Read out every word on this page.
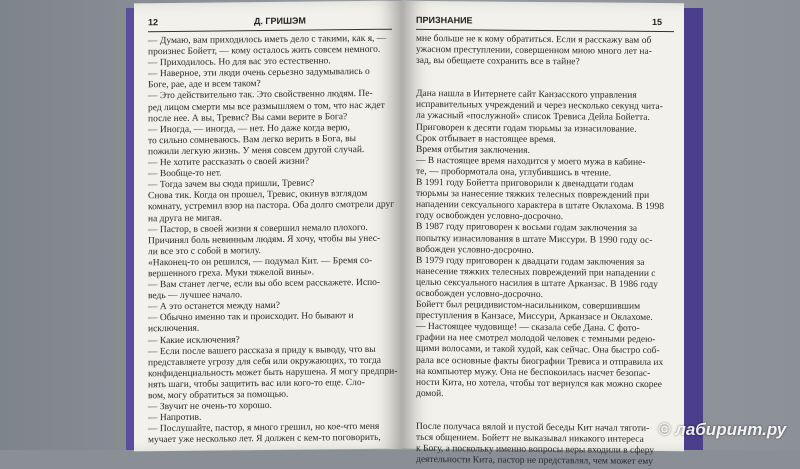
12	Д. ГРИШЭМ
— Думаю, вам приходилось иметь дело с такими, как я, —
произнес Бойетт, — кому осталось жить совсем немного.
— Приходилось. Но для вас это естественно.
— Наверное, эти люди очень серьезно задумывались о
Боге, рае, аде и всем таком?
— Это действительно так. Это свойственно людям. Пе-
ред лицом смерти мы все размышляем о том, что нас ждет
после нее. А вы, Тревис? Вы сами верите в Бога?
— Иногда, — иногда, — нет. Но даже когда верю,
то сильно сомневаюсь. Вам легко верить в Бога, вы
пожили легкую жизнь. У меня совсем другой случай.
— Не хотите рассказать о своей жизни?
— Вообще-то нет.
— Тогда зачем вы сюда пришли, Тревис?
Снова тик. Когда он прошел, Тревис, окинув взглядом
комнату, устремил взор на пастора. Оба долго смотрели друг
на друга не мигая.
— Пастор, в своей жизни я совершил немало плохого.
Причинял боль невинным людям. Я хочу, чтобы вы унес-
ли все это с собой в могилу.
«Наконец-то он решился, — подумал Кит. — Бремя со-
вершенного греха. Муки тяжелой вины».
— Вам станет легче, если вы обо всем расскажете. Испо-
ведь — лучшее начало.
— А это останется между нами?
— Обычно именно так и происходит. Но бывают и
исключения.
— Какие исключения?
— Если после вашего рассказа я приду к выводу, что вы
представляете угрозу для себя или окружающих, то тогда
конфиденциальность может быть нарушена. Я могу предпри-
нять шаги, чтобы защитить вас или кого-то еще. Сло-
вом, могу обратиться за помощью.
— Звучит не очень-то хорошо.
— Напротив.
— Послушайте, пастор, я много грешил, но кое-что меня
мучает уже несколько лет. Я должен с кем-то поговорить,
ПРИЗНАНИЕ	15
мне больше не к кому обратиться. Если я расскажу вам об
ужасном преступлении, совершенном мною много лет на-
зад, вы обещаете сохранить все в тайне?
Дана нашла в Интернете сайт Канзасского управления
исправительных учреждений и через несколько секунд чита-
ла ужасный «послужной» список Тревиса Дейла Бойетта.
Приговорен к десяти годам тюрьмы за изнасилование.
Срок отбывает в настоящее время.
Время отбытия заключения.
— В настоящее время находится у моего мужа в кабине-
те, — пробормотала она, углубившись в чтение.
В 1991 году Бойетта приговорили к двенадцати годам
тюрьмы за нанесение тяжких телесных повреждений при
нападении сексуального характера в штате Оклахома. В 1998
году освобожден условно-досрочно.
В 1987 году приговорен к восьми годам заключения за
попытку изнасилования в штате Миссури. В 1990 году ос-
вобожден условно-досрочно.
В 1979 году приговорен к двадцати годам заключения за
нанесение тяжких телесных повреждений при нападении с
целью сексуального насилия в штате Арканзас. В 1986 году
освобожден условно-досрочно.
Бойетт был рецидивистом-насильником, совершившим
преступления в Канзасе, Миссури, Арканзасе и Оклахоме.
— Настоящее чудовище! — сказала себе Дана. С фото-
графии на нее смотрел молодой человек с темными редею-
щими волосами, и такой худой, как сейчас. Она быстро соб-
рала все основные факты биографии Тревиса и отправила их
на компьютер мужу. Она не беспокоилась насчет безопас-
ности Кита, но хотела, чтобы тот вернулся как можно скорее
домой.
После получаса вялой и пустой беседы Кит начал тяготи-
ться общением. Бойетт не выказывал никакого интереса
к Богу, а поскольку именно вопросы веры входили в сферу
деятельности Кита, пастор не представлял, чем может ему
© лабиринт.ру
